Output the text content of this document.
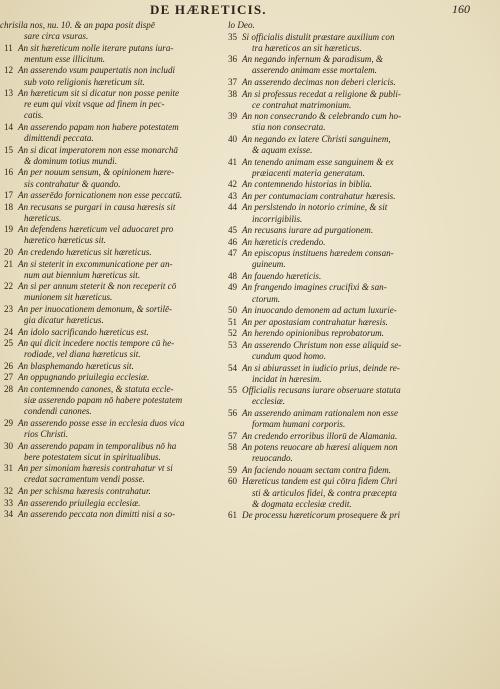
DE HÆRETICIS.	160
chrisila nos, nu. 10. & an papa posit dispē
sare circa vsuras.
11 An sit hæreticum nolle iterare putans iura-
mentum esse illicitum.
12 An asserendo vsum paupertatis non includi
sub voto religionis hæreticum sit.
13 An hæreticum sit si dicatur non posse penite
re eum qui vixit vsque ad finem in pec-
catis.
14 An asserendo papam non habere potestatem
dimittendi peccata.
15 An si dicat imperatorem non esse monarchā
& dominum totius mundi.
16 An per nouum sensum, & opinionem hære-
sis contrahatur & quando.
17 An asserēdo fornicationem non esse peccatū.
18 An recusans se purgari in causa hæresis sit
hæreticus.
19 An defendens hæreticum vel aduocaret pro
hæretico hæreticus sit.
20 An credendo hæreticus sit hæreticus.
21 An si steterit in excommunicatione per an-
num aut biennium hæreticus sit.
22 An si per annum steterit & non receperit cō
munionem sit hæreticus.
23 An per inuocationem demonum, & sortilē-
gia dicatur hæreticus.
24 An idolo sacrificando hæreticus est.
25 An qui dicit incedere noctis tempore cū he-
rodiade, vel diana hæreticus sit.
26 An blasphemando hæreticus sit.
27 An oppugnando priuilegia ecclesiæ.
28 An contemnendo canones, & statuta eccle-
siæ asserendo papam nō habere potestatem
condendi canones.
29 An asserendo posse esse in ecclesia duos vica
rios Christi.
30 An asserendo papam in temporalibus nō ha
bere potestatem sicut in spiritualibus.
31 An per simoniam hæresis contrahatur vt si
credat sacramentum vendi posse.
32 An per schisma hæresis contrahatur.
33 An asserendo priuilegia ecclesiæ.
34 An asserendo peccata non dimitti nisi a so-
lo Deo.
35 Si officialis distulit præstare auxilium con
tra hæreticos an sit hæreticus.
36 An negando infernum & paradisum, &
asserendo animam esse mortalem.
37 An asserendo decimas non deberi clericis.
38 An si professus recedat a religione & publi-
ce contrahat matrimonium.
39 An non consecrando & celebrando cum ho-
stia non consecrata.
40 An negando ex latere Christi sanguinem,
& aquam exisse.
41 An tenendo animam esse sanguinem & ex
præiacenti materia generatam.
42 An contemnendo historias in biblia.
43 An per contumaciam contrahatur hæresis.
44 An perslstendo in notorio crimine, & sit
incorrigibilis.
45 An recusans iurare ad purgationem.
46 An hæreticis credendo.
47 An episcopus instituens hæredem consan-
guineum.
48 An fauendo hæreticis.
49 An frangendo imagines crucifixi & san-
ctorum.
50 An inuocando demonem ad actum luxurie-
51 An per apostasiam contrahatur hæresis.
52 An herendo opinionibus reprobatorum.
53 An asserendo Christum non esse aliquid se-
cundum quod homo.
54 An si abiurasset in iudicio prius, deinde re-
incidat in hæresim.
55 Officialis recusans iurare obseruare statuta
ecclesiæ.
56 An asserendo animam rationalem non esse
formam humani corporis.
57 An credendo erroribus illorū de Alamania.
58 An potens reuocare ab hæresi aliquem non
reuocando.
59 An faciendo nouam sectam contra fidem.
60 Hæreticus tandem est qui cōtra fidem Chri
sti & articulos fidei, & contra præcepta
& dogmata ecclesiæ credit.
61 De processu hæreticorum prosequere & pri
